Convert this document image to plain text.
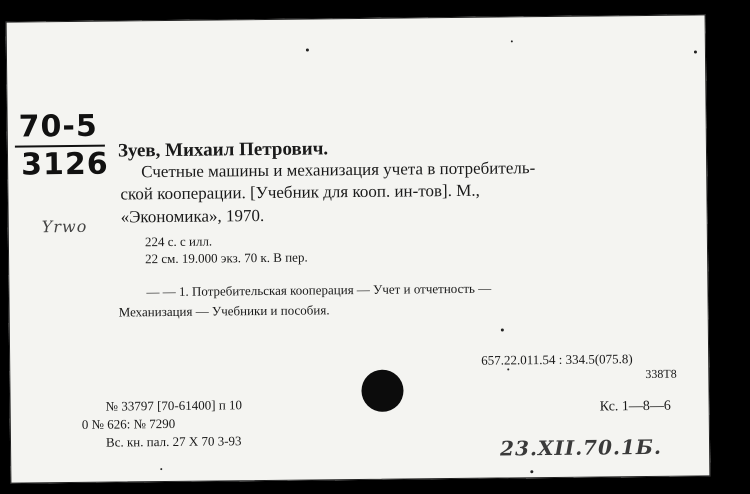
70-5
3126
Yrwo
Зуев, Михаил Петрович.
Счетные машины и механизация учета в потребитель-
ской кооперации. [Учебник для кооп. ин-тов]. М.,
«Экономика», 1970.
224 с. с илл.
22 см. 19.000 экз. 70 к. В пер.
— — 1. Потребительская кооперация — Учет и отчетность —
Механизация — Учебники и пособия.
657.22.011.54 : 334.5(075.8)
338Т8
№ 33797 [70-61400] п 10
0 № 626: № 7290
Вс. кн. пал. 27 Х 70 3-93
Кс. 1—8—6
23.XII.70.1Б.
